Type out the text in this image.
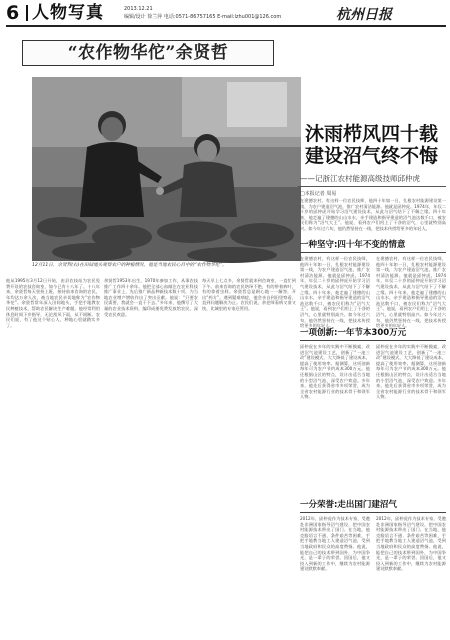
6 人物写真	2013.12.21
编辑/设计 徐兰萍 电话:0571-86757165 E-mail:lzhu001@126.com	杭州日报
“农作物华佗”余贤哲
12月11日，余贤哲(右)在田间地头观察农户的种植情况，他是当地农民心目中的“农作物华佗”。
他从1995年3月12日开始，由县农技站为农民免费开设的农技咨询室，如今已有十八年了。十八年来，余贤哲每天坚持上班，接待前来咨询的农民，年均达万余人次，被当地农民亲切地称为“农作物华佗”。余贤哲常年深入田间地头，手把手地教农民种植技术，帮助农民解决生产难题。他经常利用休息时间下乡指导，无论刮风下雨，从不间断。农民们说，有了他这个贴心人，种地心里就踏实多了。
余贤哲1953年出生，1970年参加工作，从事农技推广工作四十余年。他把全部心血倾注在农业科技推广事业上，先后推广新品种新技术数十项，为当地农业增产增收作出了突出贡献。他说：“只要农民需要，我就会一直干下去。”多年来，他撰写了大量的农业技术资料，编印成册免费发放给农民，深受农民欢迎。
每天早上七点多，余贤哲就来到咨询室，一直忙到下午。前来咨询的农民络绎不绝，有的带着病叶，有的拿着虫样。余贤哲总是耐心地一一解答，开出“药方”。遇到疑难病症，他会亲自到田里察看，直到问题解决为止。农民们说，余老师看病又准又快，比城里的专家还管用。
沐雨栉风四十载 建设沼气终不悔
——记浙江农村能源高级技师邱仲虎
□本报记者 周易
在建德农村，有这样一位农民技师，他四十年如一日，扎根农村能源建设第一线，为农户建造沼气池，推广农村清洁能源。他就是邱仲虎。1974年，年仅二十岁的邱仲虎开始学习沼气建设技术，从此与沼气结下了不解之缘。四十年来，他走遍了建德的山山水水，亲手建造和指导建造的沼气池达数千口，被农民们称为“沼气大王”。他说，看到农户们用上了干净的沼气，心里就特别高兴。如今年过六旬，他仍然坚持在一线，把技术传授给更多的年轻人。
一种坚守:四十年不变的情意
在建德农村，有这样一位农民技师，他四十年如一日，扎根农村能源建设第一线，为农户建造沼气池，推广农村清洁能源。他就是邱仲虎。1974年，年仅二十岁的邱仲虎开始学习沼气建设技术，从此与沼气结下了不解之缘。四十年来，他走遍了建德的山山水水，亲手建造和指导建造的沼气池达数千口，被农民们称为“沼气大王”。他说，看到农户们用上了干净的沼气，心里就特别高兴。如今年过六旬，他仍然坚持在一线，把技术传授给更多的年轻人。
在建德农村，有这样一位农民技师，他四十年如一日，扎根农村能源建设第一线，为农户建造沼气池，推广农村清洁能源。他就是邱仲虎。1974年，年仅二十岁的邱仲虎开始学习沼气建设技术，从此与沼气结下了不解之缘。四十年来，他走遍了建德的山山水水，亲手建造和指导建造的沼气池达数千口，被农民们称为“沼气大王”。他说，看到农户们用上了干净的沼气，心里就特别高兴。如今年过六旬，他仍然坚持在一线，把技术传授给更多的年轻人。
一项创新:一年节本300万元
邱仲虎在多年的实践中不断摸索，改进沼气池建设工艺，创新了“一池三改”建设模式，大大降低了建设成本，提高了使用效率。据测算，这项创新每年可为农户节约成本300万元。他还根据山区的特点，设计出适合当地的小型沼气池，深受农户欢迎。多年来，他先后获得省市多项荣誉，成为全省农村能源行业的技术骨干和领军人物。
邱仲虎在多年的实践中不断摸索，改进沼气池建设工艺，创新了“一池三改”建设模式，大大降低了建设成本，提高了使用效率。据测算，这项创新每年可为农户节约成本300万元。他还根据山区的特点，设计出适合当地的小型沼气池，深受农户欢迎。多年来，他先后获得省市多项荣誉，成为全省农村能源行业的技术骨干和领军人物。
一分荣誉:走出国门建沼气
2012年，邱仲虎作为技术专家，受邀赴非洲国家指导沼气建设，把中国农村能源技术带出了国门。在当地，他克服语言不通、条件艰苦等困难，手把手地教当地工人建造沼气池，受到当地政府和民众的高度赞扬。他说，能把自己的技术带到国外，为中国争光，是一辈子的荣誉。回国后，他又投入到新的工作中，继续为农村能源建设默默奉献。
2012年，邱仲虎作为技术专家，受邀赴非洲国家指导沼气建设，把中国农村能源技术带出了国门。在当地，他克服语言不通、条件艰苦等困难，手把手地教当地工人建造沼气池，受到当地政府和民众的高度赞扬。他说，能把自己的技术带到国外，为中国争光，是一辈子的荣誉。回国后，他又投入到新的工作中，继续为农村能源建设默默奉献。
